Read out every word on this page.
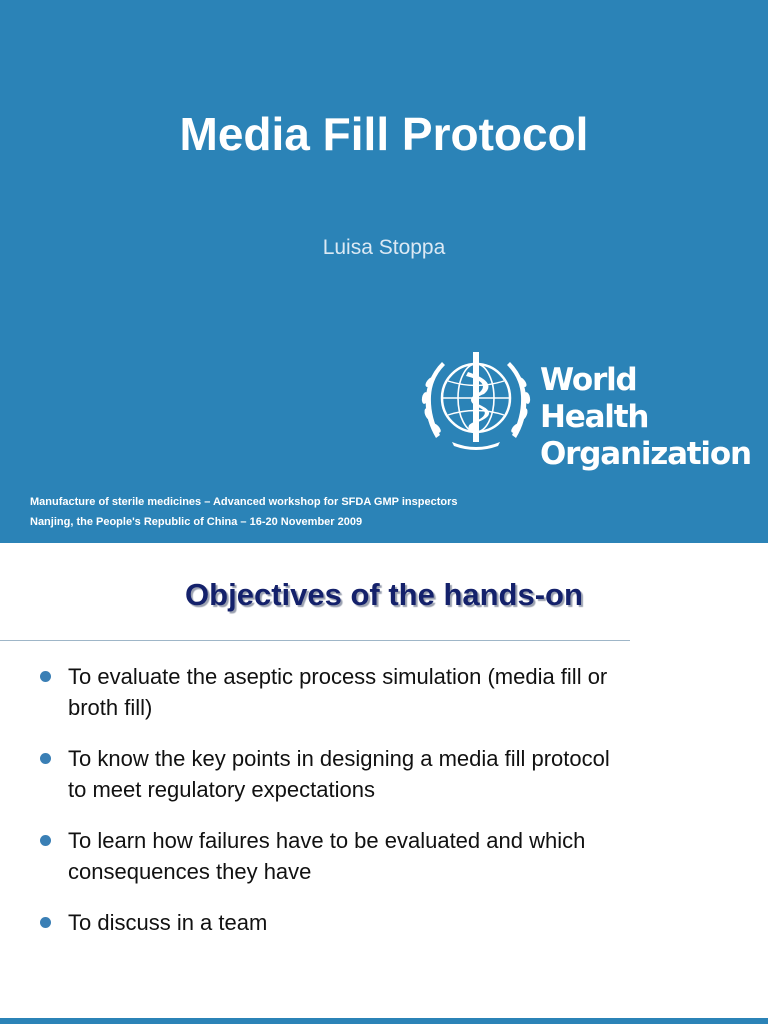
Media Fill Protocol
Luisa Stoppa
World Health
Organization
Manufacture of sterile medicines – Advanced workshop for SFDA GMP inspectors
Nanjing, the People's Republic of China – 16-20 November 2009
Objectives of the hands-on
To evaluate the aseptic process simulation (media fill or
broth fill)
To know the key points in designing a media fill protocol
to meet regulatory expectations
To learn how failures have to be evaluated and which
consequences they have
To discuss in a team
